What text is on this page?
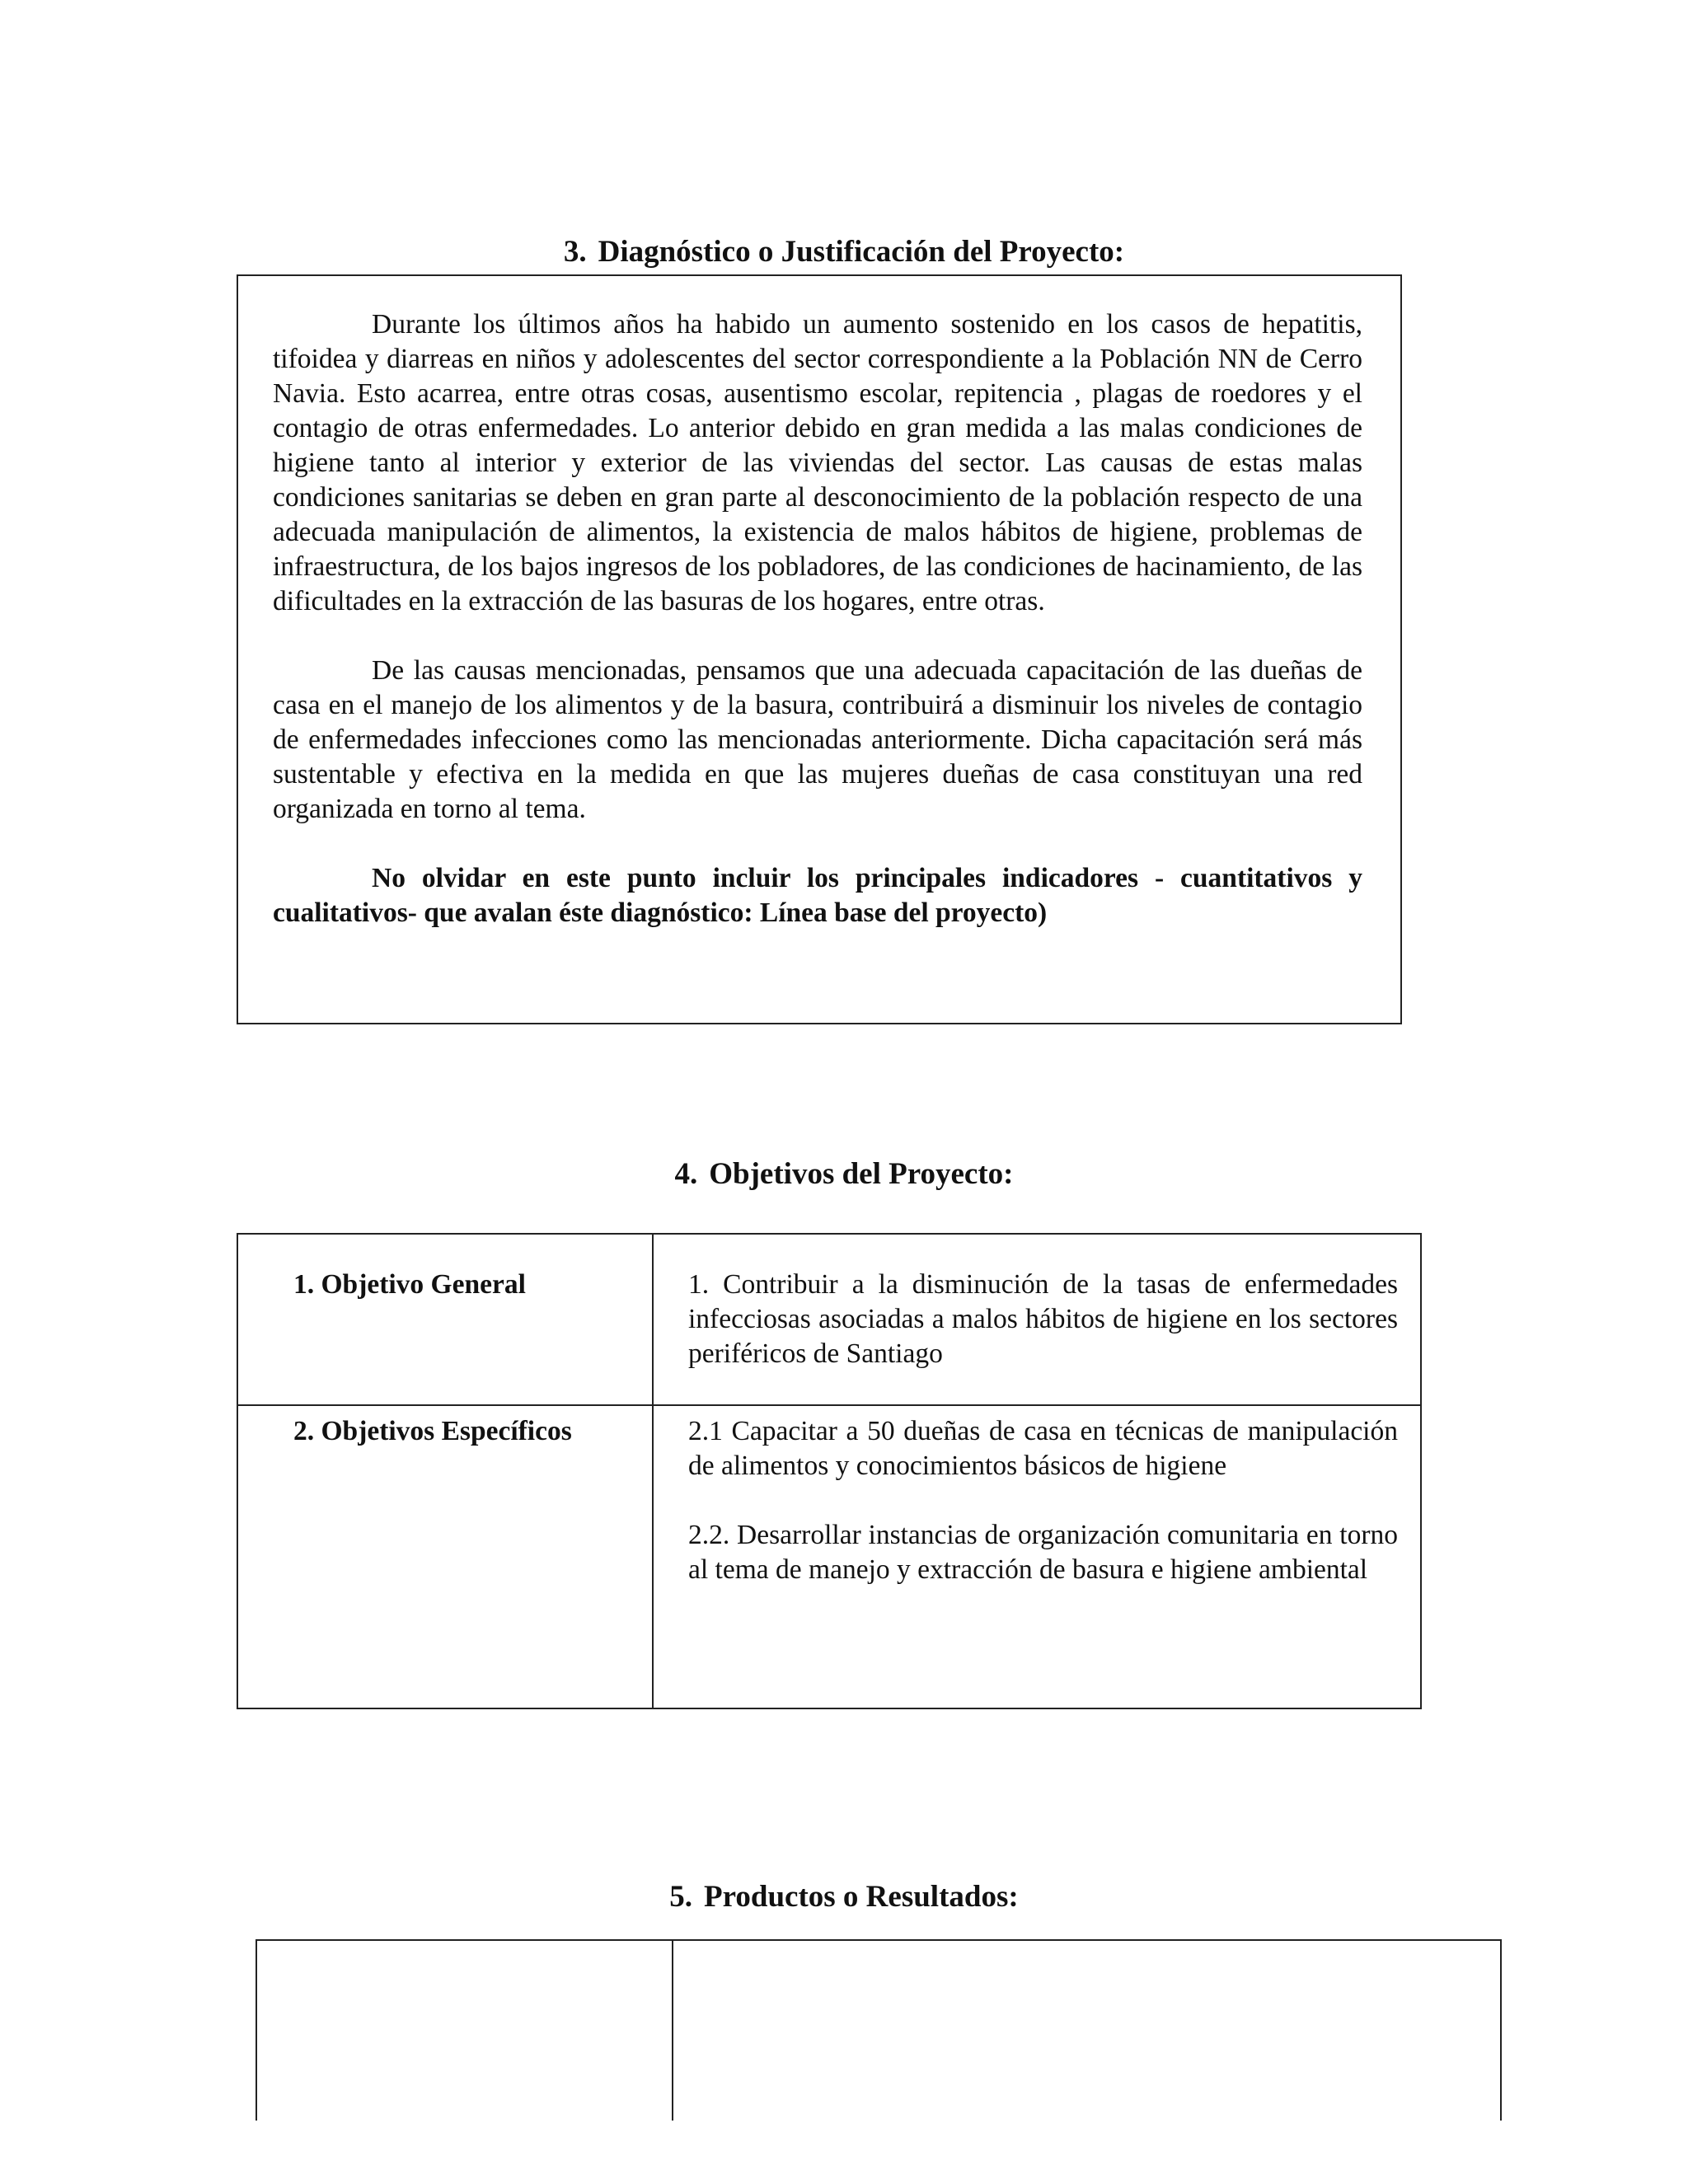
3. Diagnóstico o Justificación del Proyecto:

Durante los últimos años ha habido un aumento sostenido en los casos de hepatitis, tifoidea y diarreas en niños y adolescentes del sector correspondiente a la Población NN de Cerro Navia. Esto acarrea, entre otras cosas, ausentismo escolar, repitencia , plagas de roedores y el contagio de otras enfermedades. Lo anterior debido en gran medida a las malas condiciones de higiene tanto al interior y exterior de las viviendas del sector. Las causas de estas malas condiciones sanitarias se deben en gran parte al desconocimiento de la población respecto de una adecuada manipulación de alimentos, la existencia de malos hábitos de higiene, problemas de infraestructura, de los bajos ingresos de los pobladores, de las condiciones de hacinamiento, de las dificultades en la extracción de las basuras de los hogares, entre otras.

De las causas mencionadas, pensamos que una adecuada capacitación de las dueñas de casa en el manejo de los alimentos y de la basura, contribuirá a disminuir los niveles de contagio de enfermedades infecciones como las mencionadas anteriormente. Dicha capacitación será más sustentable y efectiva en la medida en que las mujeres dueñas de casa constituyan una red organizada en torno al tema.

No olvidar en este punto incluir los principales indicadores - cuantitativos y cualitativos- que avalan éste diagnóstico: Línea base del proyecto)

4. Objetivos del Proyecto:
1. Objetivo General	1. Contribuir a la disminución de la tasas de enfermedades infecciosas asociadas a malos hábitos de higiene en los sectores periféricos de Santiago

2. Objetivos Específicos	2.1 Capacitar a 50 dueñas de casa en técnicas de manipulación de alimentos y conocimientos básicos de higiene

2.2. Desarrollar instancias de organización comunitaria en torno al tema de manejo y extracción de basura e higiene ambiental

5. Productos o Resultados:
